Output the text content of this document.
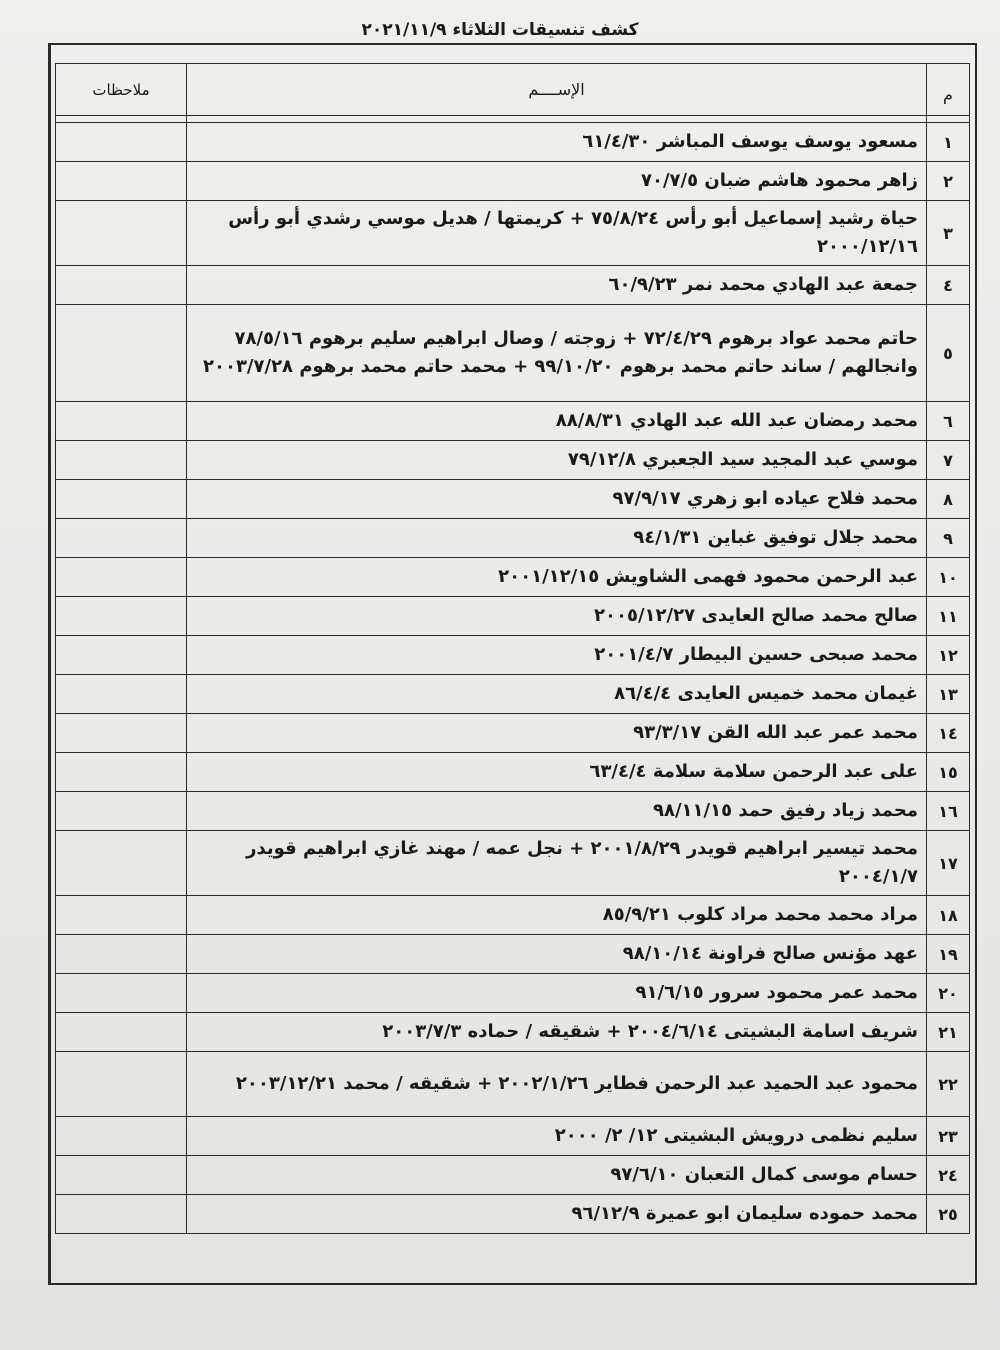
كشف تنسيقات الثلاثاء ٢٠٢١/١١/٩
م	الإســــم	ملاحظات

١	مسعود يوسف يوسف المباشر ٦١/٤/٣٠	
٢	زاهر محمود هاشم ضبان ٧٠/٧/٥	
٣	حياة رشيد إسماعيل أبو رأس ٧٥/٨/٢٤ + كريمتها / هديل موسي رشدي أبو رأس ٢٠٠٠/١٢/١٦	
٤	جمعة عبد الهادي محمد نمر ٦٠/٩/٢٣	
٥	حاتم محمد عواد برهوم ٧٢/٤/٢٩ + زوجته / وصال ابراهيم سليم برهوم ٧٨/٥/١٦ وانجالهم / ساند حاتم محمد برهوم ٩٩/١٠/٢٠ + محمد حاتم محمد برهوم ٢٠٠٣/٧/٢٨	
٦	محمد رمضان عبد الله عبد الهادي ٨٨/٨/٣١	
٧	موسي عبد المجيد سيد الجعبري ٧٩/١٢/٨	
٨	محمد فلاح عياده ابو زهري ٩٧/٩/١٧	
٩	محمد جلال توفيق غباين ٩٤/١/٣١	
١٠	عبد الرحمن محمود فهمى الشاويش ٢٠٠١/١٢/١٥	
١١	صالح محمد صالح العايدى ٢٠٠٥/١٢/٢٧	
١٢	محمد صبحى حسين البيطار ٢٠٠١/٤/٧	
١٣	غيمان محمد خميس العايدى ٨٦/٤/٤	
١٤	محمد عمر عبد الله القن ٩٣/٣/١٧	
١٥	على عبد الرحمن سلامة سلامة ٦٣/٤/٤	
١٦	محمد زياد رفيق حمد ٩٨/١١/١٥	
١٧	محمد تيسير ابراهيم قويدر ٢٠٠١/٨/٢٩ + نجل عمه / مهند غازي ابراهيم قويدر ٢٠٠٤/١/٧	
١٨	مراد محمد محمد مراد كلوب ٨٥/٩/٢١	
١٩	عهد مؤنس صالح فراونة ٩٨/١٠/١٤	
٢٠	محمد عمر محمود سرور ٩١/٦/١٥	
٢١	شريف اسامة البشيتى ٢٠٠٤/٦/١٤ + شقيقه / حماده ٢٠٠٣/٧/٣	
٢٢	محمود عبد الحميد عبد الرحمن فطاير ٢٠٠٢/١/٢٦ + شقيقه / محمد ٢٠٠٣/١٢/٢١	
٢٣	سليم نظمى درويش البشيتى ١٢/ ٢/ ٢٠٠٠	
٢٤	حسام موسى كمال التعبان ٩٧/٦/١٠	
٢٥	محمد حموده سليمان ابو عميرة ٩٦/١٢/٩	
